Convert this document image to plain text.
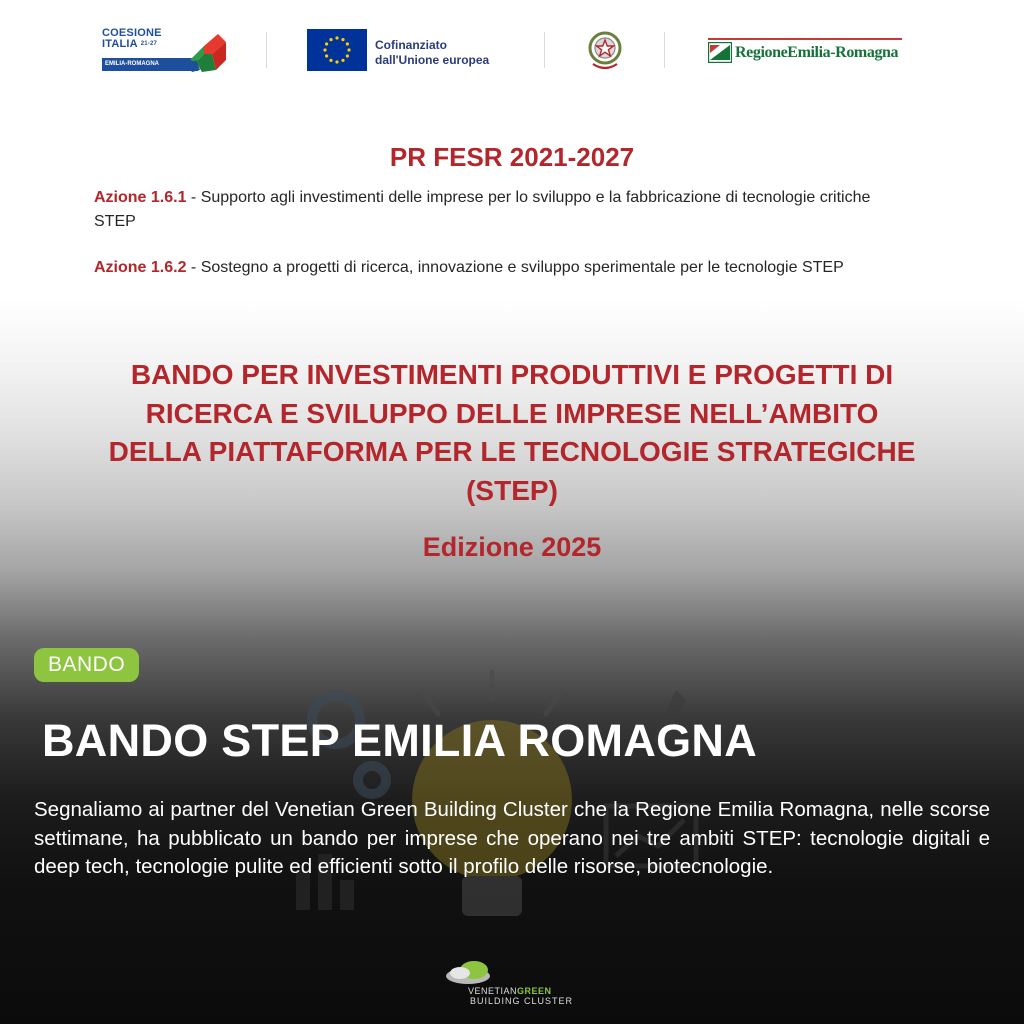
COESIONE
ITALIA $^{21-27}$
EMILIA-ROMAGNA
Cofinanziato
dall'Unione europea	RegioneEmilia-Romagna
PR FESR 2021-2027
Azione 1.6.1 - Supporto agli investimenti delle imprese per lo sviluppo e la fabbricazione di tecnologie critiche STEP
Azione 1.6.2 - Sostegno a progetti di ricerca, innovazione e sviluppo sperimentale per le tecnologie STEP
BANDO PER INVESTIMENTI PRODUTTIVI E PROGETTI DI
RICERCA E SVILUPPO DELLE IMPRESE NELL’AMBITO
DELLA PIATTAFORMA PER LE TECNOLOGIE STRATEGICHE
(STEP)
Edizione 2025
BANDO
BANDO STEP EMILIA ROMAGNA

Segnaliamo ai partner del Venetian Green Building Cluster che la Regione Emilia Romagna, nelle scorse settimane, ha pubblicato un bando per imprese che operano nei tre ambiti STEP: tecnologie digitali e deep tech, tecnologie pulite ed efficienti sotto il profilo delle risorse, biotecnologie.

VENETIANGREEN
BUILDING CLUSTER
